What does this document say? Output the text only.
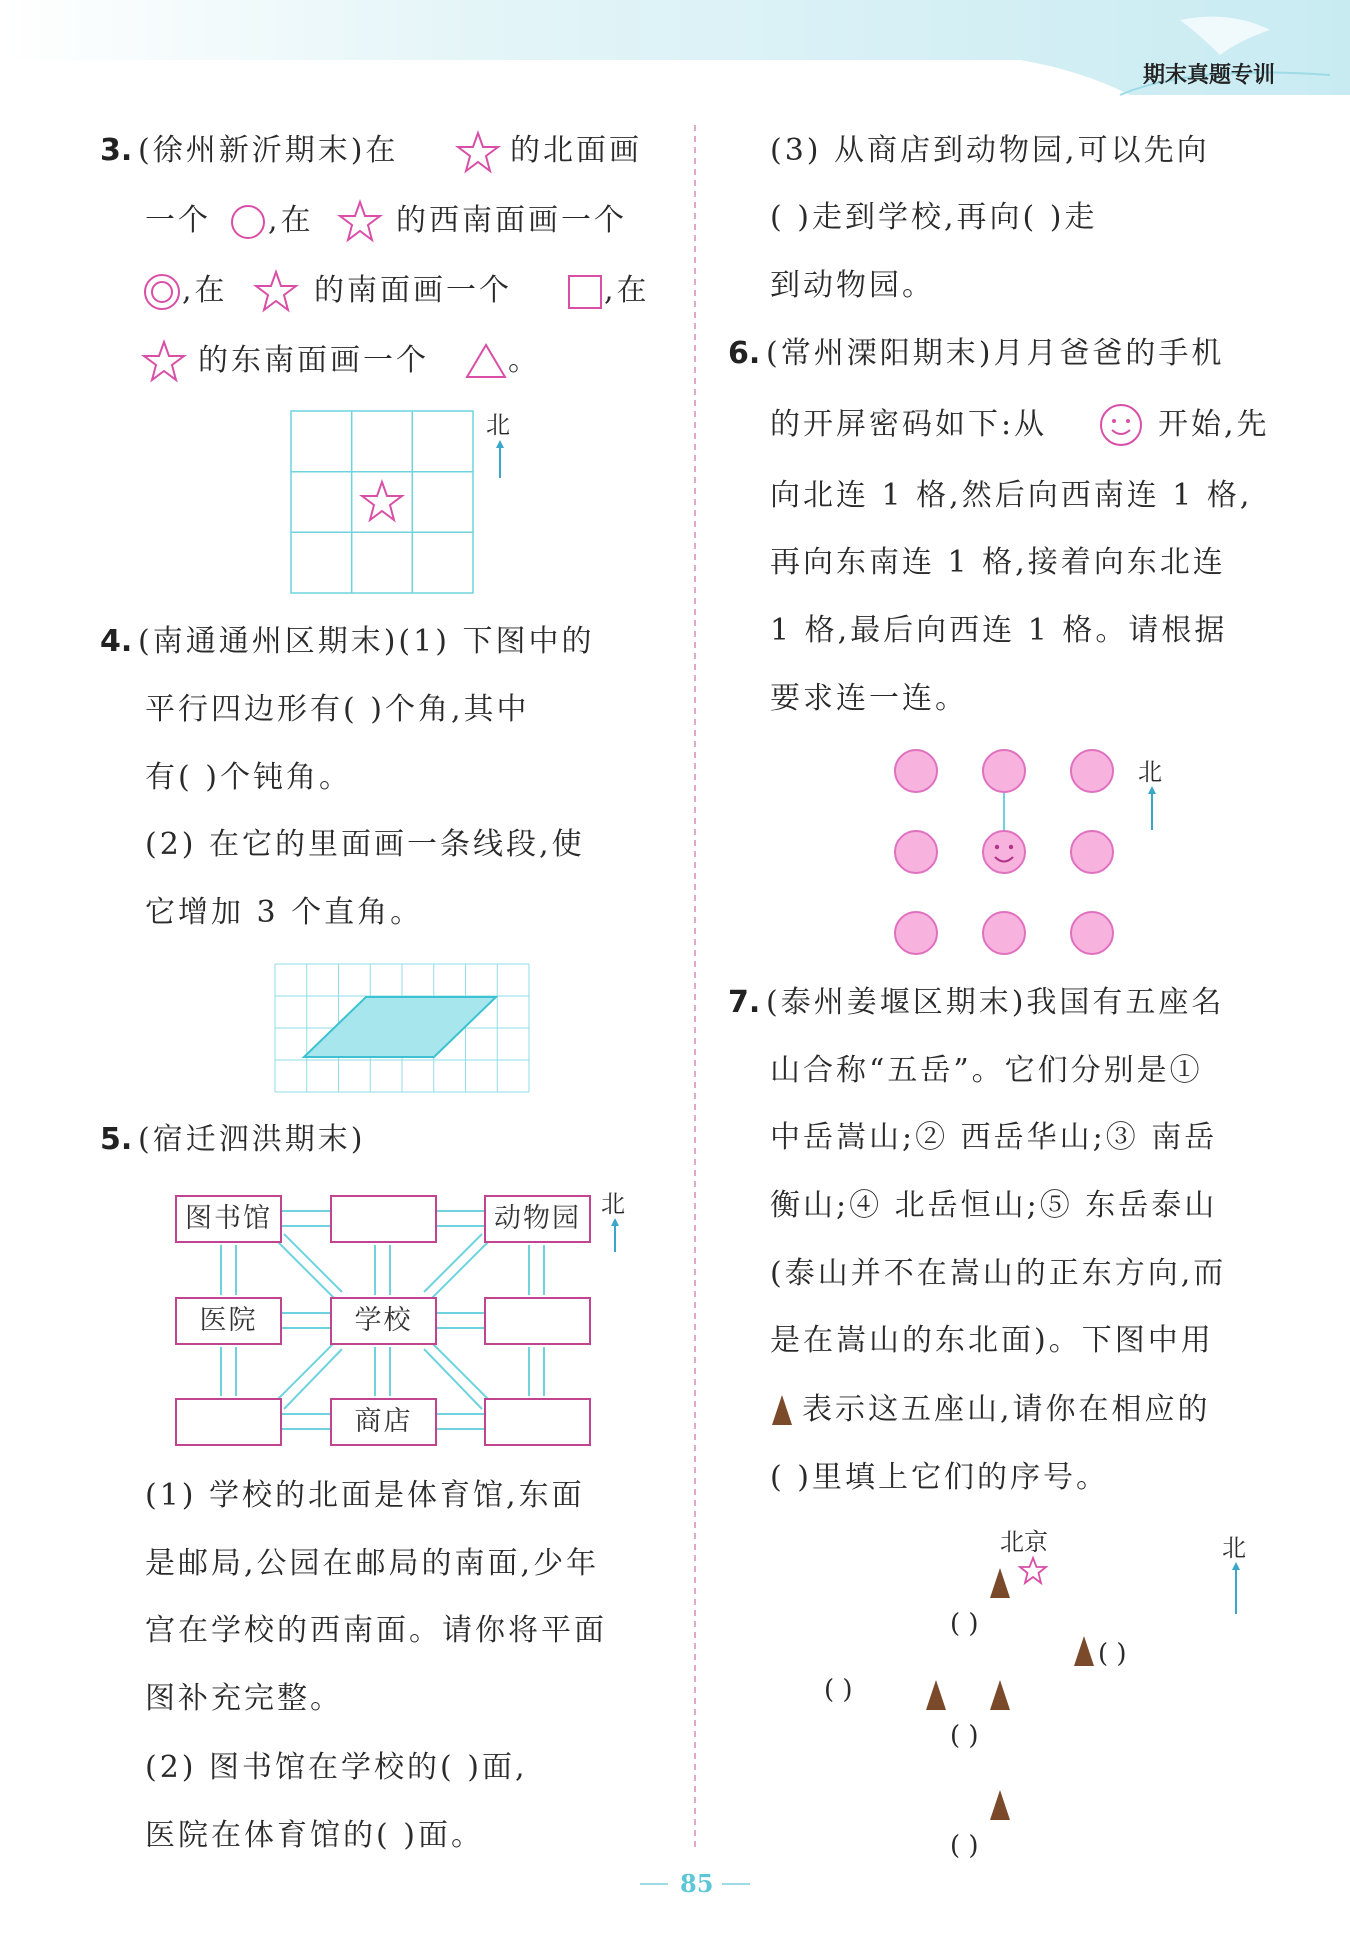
期末真题专训
3. (徐州新沂期末)在	的北面画
一个 ,在	的西南面画一个
,在	的南面画一个	,在
的东南面画一个	。
北
4. (南通通州区期末)(1) 下图中的
平行四边形有( )个角,其中
有( )个钝角。
(2) 在它的里面画一条线段,使
它增加 3 个直角。
5. (宿迁泗洪期末)
图书馆	动物园
医院	学校
商店
北
(1) 学校的北面是体育馆,东面
是邮局,公园在邮局的南面,少年
宫在学校的西南面。请你将平面
图补充完整。
(2) 图书馆在学校的( )面,
医院在体育馆的( )面。
(3) 从商店到动物园,可以先向
( )走到学校,再向( )走
到动物园。
6. (常州溧阳期末)月月爸爸的手机
的开屏密码如下:从	开始,先
向北连 1 格,然后向西南连 1 格,
再向东南连 1 格,接着向东北连
1 格,最后向西连 1 格。请根据
要求连一连。
北
7. (泰州姜堰区期末)我国有五座名
山合称“五岳”。它们分别是①
中岳嵩山;② 西岳华山;③ 南岳
衡山;④ 北岳恒山;⑤ 东岳泰山
(泰山并不在嵩山的正东方向,而
是在嵩山的东北面)。下图中用
表示这五座山,请你在相应的
( )里填上它们的序号。
北京
( )
( )
( )
( )
( )
北
85
